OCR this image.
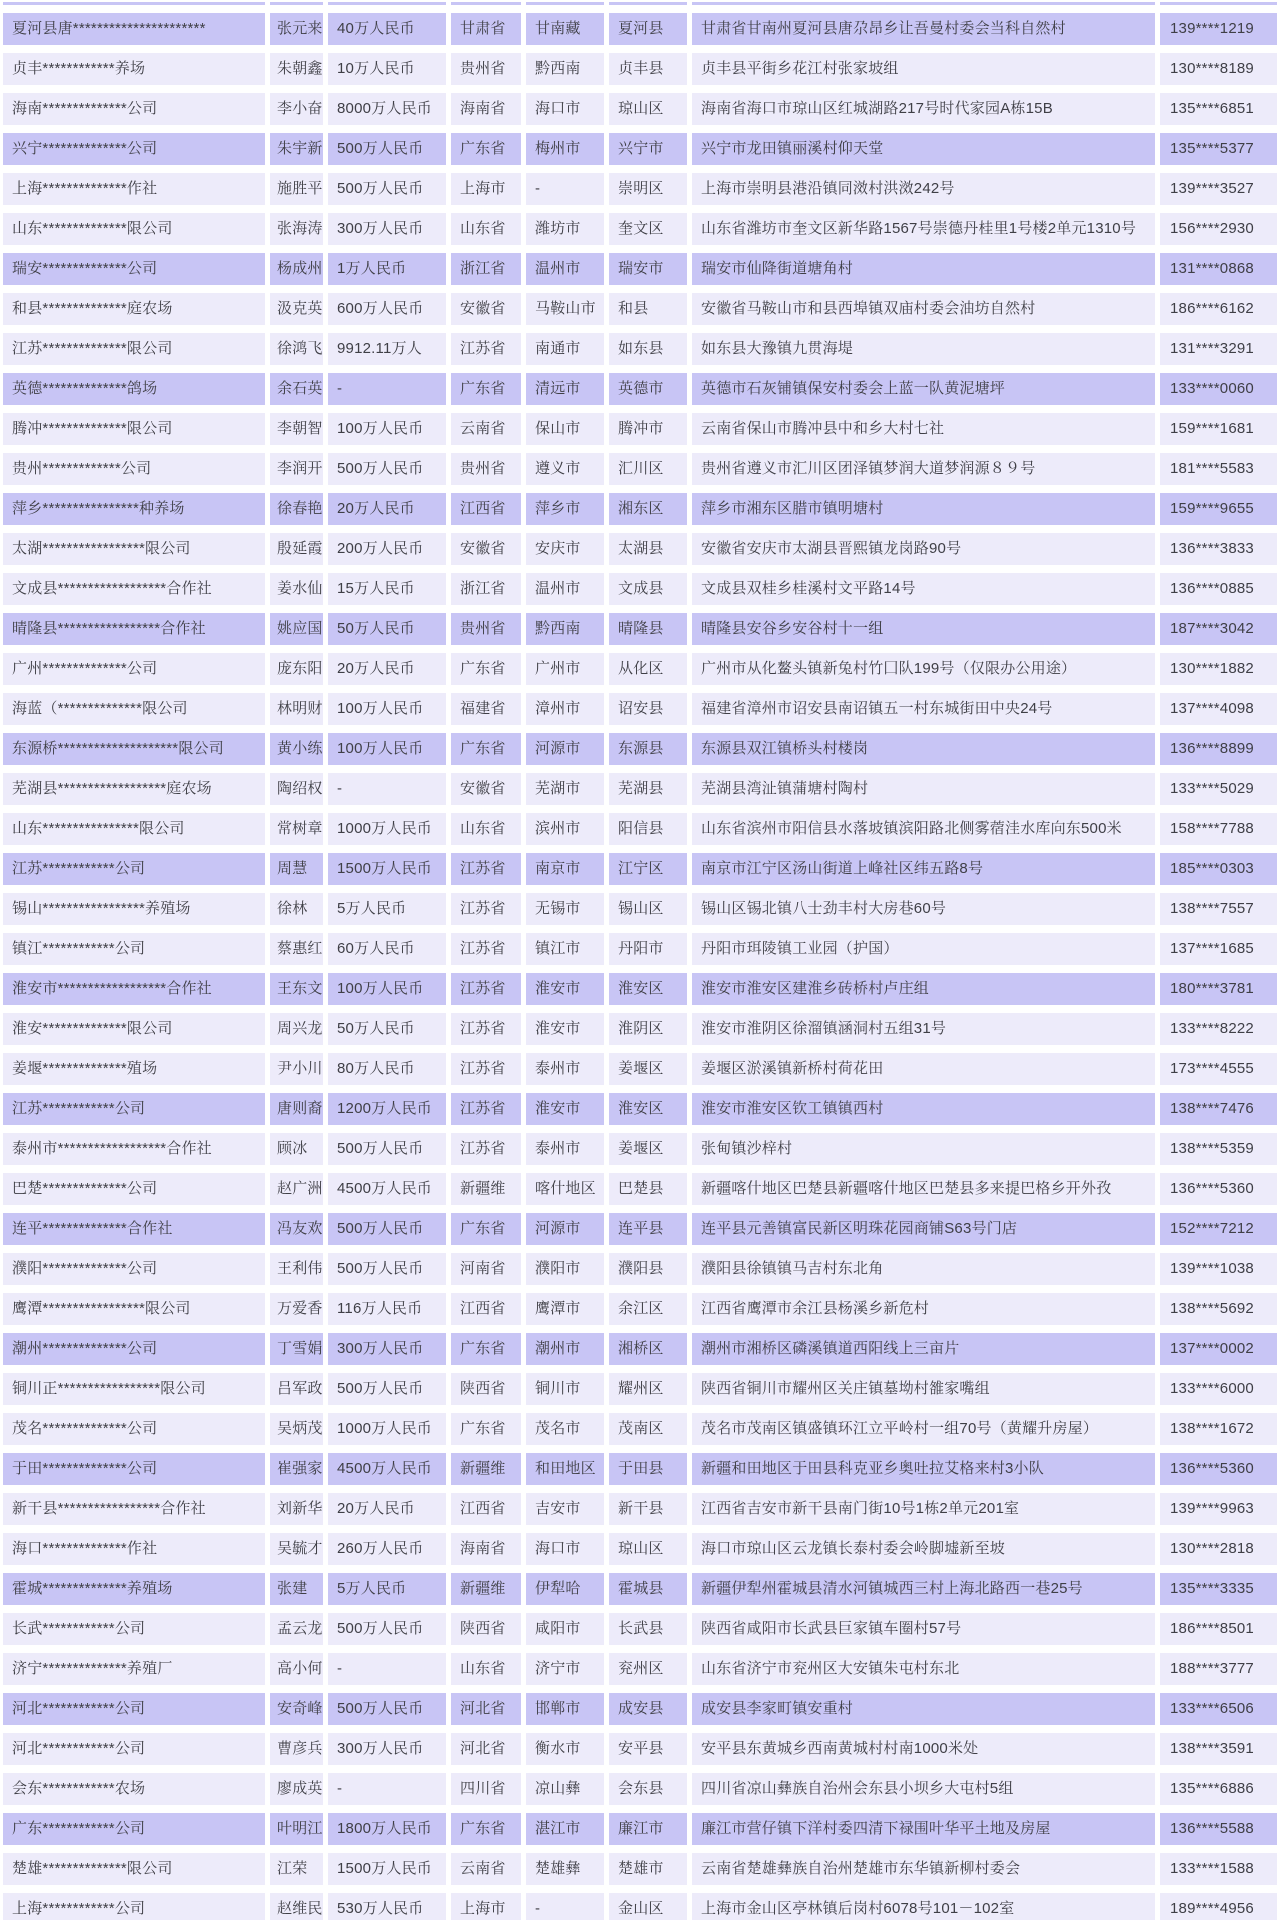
夏河县唐**********************	张元来 40万人民币	甘肃省	甘南藏	夏河县	甘肃省甘南州夏河县唐尕昂乡让吾曼村委会当科自然村	139****1219
贞丰************养场	朱朝鑫 10万人民币	贵州省	黔西南	贞丰县	贞丰县平街乡花江村张家坡组	130****8189
海南**************公司	李小奋 8000万人民币	海南省	海口市	琼山区	海南省海口市琼山区红城湖路217号时代家园A栋15B	135****6851
兴宁**************公司	朱宇新 500万人民币	广东省	梅州市	兴宁市	兴宁市龙田镇丽溪村仰天堂	135****5377
上海**************作社	施胜平 500万人民币	上海市	-	崇明区	上海市崇明县港沿镇同滧村洪滧242号	139****3527
山东**************限公司	张海涛 300万人民币	山东省	潍坊市	奎文区	山东省潍坊市奎文区新华路1567号崇德丹桂里1号楼2单元1310号	156****2930
瑞安**************公司	杨成州 1万人民币	浙江省	温州市	瑞安市	瑞安市仙降街道塘角村	131****0868
和县**************庭农场	汲克英 600万人民币	安徽省	马鞍山市	和县	安徽省马鞍山市和县西埠镇双庙村委会油坊自然村	186****6162
江苏**************限公司	徐鸿飞 9912.11万人	江苏省	南通市	如东县	如东县大豫镇九贯海堤	131****3291
英德**************鸽场	余石英 -	广东省	清远市	英德市	英德市石灰铺镇保安村委会上蓝一队黄泥塘坪	133****0060
腾冲**************限公司	李朝智 100万人民币	云南省	保山市	腾冲市	云南省保山市腾冲县中和乡大村七社	159****1681
贵州*************公司	李润开 500万人民币	贵州省	遵义市	汇川区	贵州省遵义市汇川区团泽镇梦润大道梦润源８９号	181****5583
萍乡****************种养场	徐春艳 20万人民币	江西省	萍乡市	湘东区	萍乡市湘东区腊市镇明塘村	159****9655
太湖*****************限公司	殷延霞 200万人民币	安徽省	安庆市	太湖县	安徽省安庆市太湖县晋熙镇龙岗路90号	136****3833
文成县******************合作社	姜水仙 15万人民币	浙江省	温州市	文成县	文成县双桂乡桂溪村文平路14号	136****0885
晴隆县*****************合作社	姚应国 50万人民币	贵州省	黔西南	晴隆县	晴隆县安谷乡安谷村十一组	187****3042
广州**************公司	庞东阳 20万人民币	广东省	广州市	从化区	广州市从化鳌头镇新兔村竹囗队199号（仅限办公用途）	130****1882
海蓝（**************限公司	林明财 100万人民币	福建省	漳州市	诏安县	福建省漳州市诏安县南诏镇五一村东城街田中央24号	137****4098
东源桥********************限公司	黄小练 100万人民币	广东省	河源市	东源县	东源县双江镇桥头村楼岗	136****8899
芜湖县******************庭农场	陶绍权 -	安徽省	芜湖市	芜湖县	芜湖县湾沚镇蒲塘村陶村	133****5029
山东****************限公司	常树章 1000万人民币	山东省	滨州市	阳信县	山东省滨州市阳信县水落坡镇滨阳路北侧雾蓿洼水库向东500米	158****7788
江苏************公司	周慧	1500万人民币	江苏省	南京市	江宁区	南京市江宁区汤山街道上峰社区纬五路8号	185****0303
锡山*****************养殖场	徐林	5万人民币	江苏省	无锡市	锡山区	锡山区锡北镇八士劲丰村大房巷60号	138****7557
镇江************公司	蔡惠红 60万人民币	江苏省	镇江市	丹阳市	丹阳市珥陵镇工业园（护国）	137****1685
淮安市******************合作社	王东文 100万人民币	江苏省	淮安市	淮安区	淮安市淮安区建淮乡砖桥村卢庄组	180****3781
淮安**************限公司	周兴龙 50万人民币	江苏省	淮安市	淮阴区	淮安市淮阴区徐溜镇涵洞村五组31号	133****8222
姜堰**************殖场	尹小川 80万人民币	江苏省	泰州市	姜堰区	姜堰区淤溪镇新桥村荷花田	173****4555
江苏************公司	唐则裔 1200万人民币	江苏省	淮安市	淮安区	淮安市淮安区钦工镇镇西村	138****7476
泰州市******************合作社	顾冰	500万人民币	江苏省	泰州市	姜堰区	张甸镇沙梓村	138****5359
巴楚**************公司	赵广洲 4500万人民币	新疆维	喀什地区	巴楚县	新疆喀什地区巴楚县新疆喀什地区巴楚县多来提巴格乡开外孜	136****5360
连平**************合作社	冯友欢 500万人民币	广东省	河源市	连平县	连平县元善镇富民新区明珠花园商铺S63号门店	152****7212
濮阳**************公司	王利伟 500万人民币	河南省	濮阳市	濮阳县	濮阳县徐镇镇马吉村东北角	139****1038
鹰潭*****************限公司	万爱香 116万人民币	江西省	鹰潭市	余江区	江西省鹰潭市余江县杨溪乡新危村	138****5692
潮州**************公司	丁雪娟 300万人民币	广东省	潮州市	湘桥区	潮州市湘桥区磷溪镇道西阳线上三亩片	137****0002
铜川正*****************限公司	吕军政 500万人民币	陕西省	铜川市	耀州区	陕西省铜川市耀州区关庄镇墓坳村雒家嘴组	133****6000
茂名**************公司	吴炳茂 1000万人民币	广东省	茂名市	茂南区	茂名市茂南区镇盛镇环江立平岭村一组70号（黄耀升房屋）	138****1672
于田**************公司	崔强家 4500万人民币	新疆维	和田地区	于田县	新疆和田地区于田县科克亚乡奥吐拉艾格来村3小队	136****5360
新干县*****************合作社	刘新华 20万人民币	江西省	吉安市	新干县	江西省吉安市新干县南门街10号1栋2单元201室	139****9963
海口**************作社	吴毓才 260万人民币	海南省	海口市	琼山区	海口市琼山区云龙镇长泰村委会岭脚墟新至坡	130****2818
霍城**************养殖场	张建	5万人民币	新疆维	伊犁哈	霍城县	新疆伊犁州霍城县清水河镇城西三村上海北路西一巷25号	135****3335
长武************公司	孟云龙 500万人民币	陕西省	咸阳市	长武县	陕西省咸阳市长武县巨家镇车圈村57号	186****8501
济宁**************养殖厂	高小何 -	山东省	济宁市	兖州区	山东省济宁市兖州区大安镇朱屯村东北	188****3777
河北************公司	安奇峰 500万人民币	河北省	邯郸市	成安县	成安县李家町镇安重村	133****6506
河北************公司	曹彦兵 300万人民币	河北省	衡水市	安平县	安平县东黄城乡西南黄城村村南1000米处	138****3591
会东************农场	廖成英 -	四川省	凉山彝	会东县	四川省凉山彝族自治州会东县小坝乡大屯村5组	135****6886
广东************公司	叶明江 1800万人民币	广东省	湛江市	廉江市	廉江市营仔镇下洋村委四清下禄围叶华平土地及房屋	136****5588
楚雄**************限公司	江荣	1500万人民币	云南省	楚雄彝	楚雄市	云南省楚雄彝族自治州楚雄市东华镇新柳村委会	133****1588
上海************公司	赵维民 530万人民币	上海市	-	金山区	上海市金山区亭林镇后岗村6078号101－102室	189****4956
